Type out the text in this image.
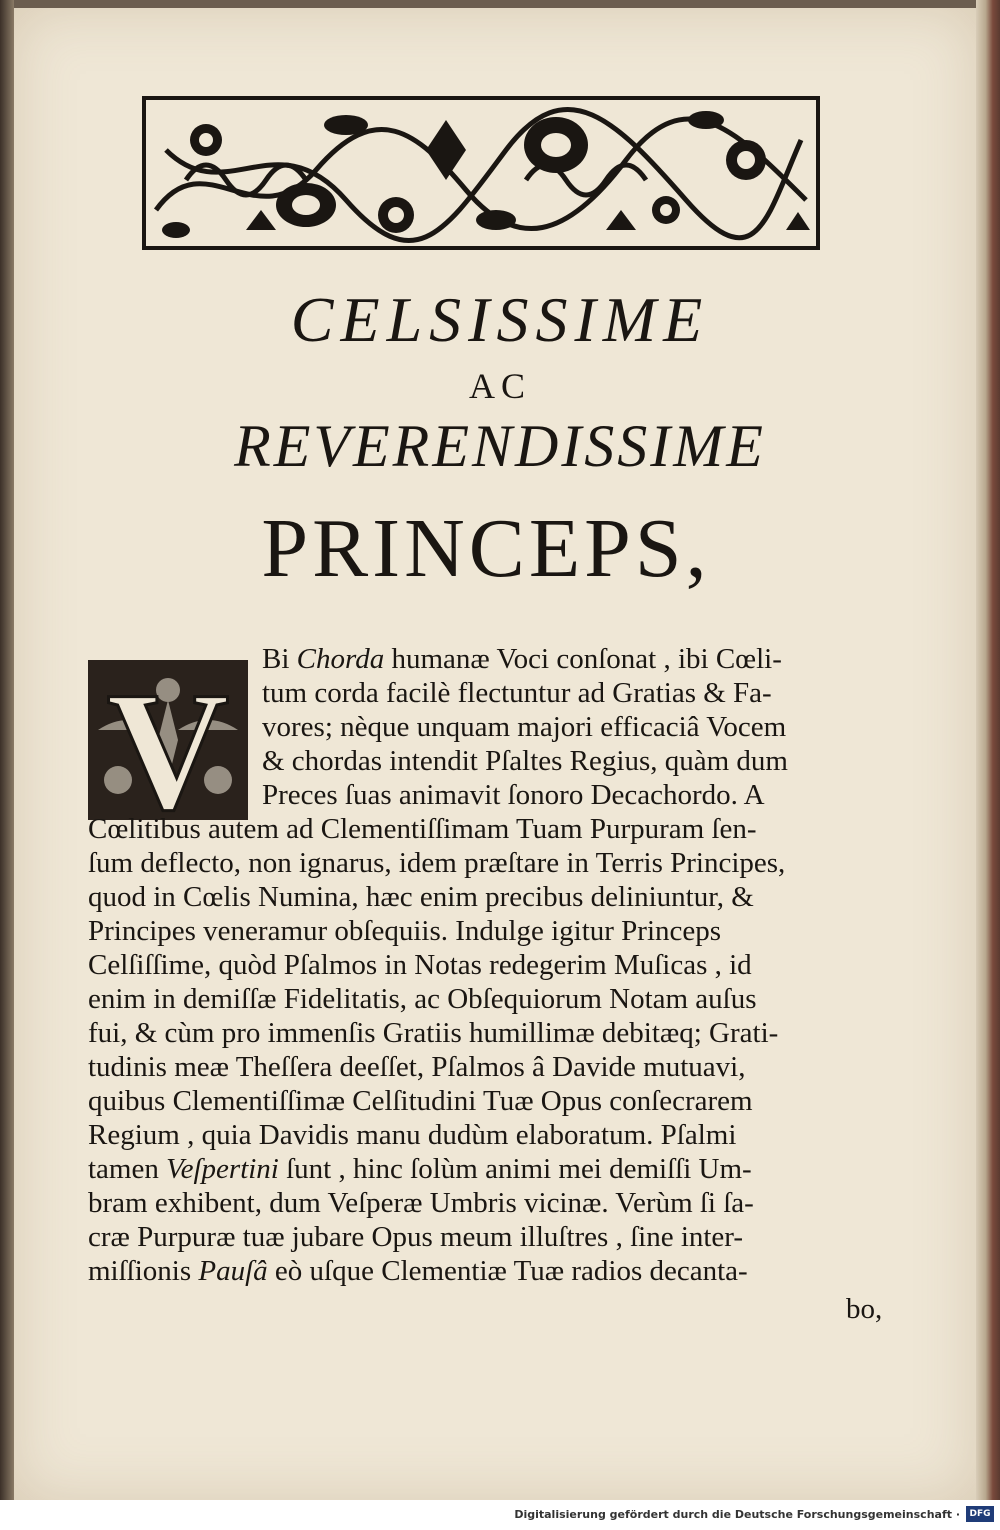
CELSISSIME
AC
REVERENDISSIME
PRINCEPS,
V Bi Chorda humanæ Voci conſonat , ibi Cœli-
tum corda facilè flectuntur ad Gratias & Fa-
vores; nèque unquam majori efficaciâ Vocem
& chordas intendit Pſaltes Regius, quàm dum
Preces ſuas animavit ſonoro Decachordo. A
Cœlitibus autem ad Clementiſſimam Tuam Purpuram ſen-
ſum deflecto, non ignarus, idem præſtare in Terris Principes,
quod in Cœlis Numina, hæc enim precibus deliniuntur, &
Principes veneramur obſequiis. Indulge igitur Princeps
Celſiſſime, quòd Pſalmos in Notas redegerim Muſicas , id
enim in demiſſæ Fidelitatis, ac Obſequiorum Notam auſus
fui, & cùm pro immenſis Gratiis humillimæ debitæq; Grati-
tudinis meæ Theſſera deeſſet, Pſalmos â Davide mutuavi,
quibus Clementiſſimæ Celſitudini Tuæ Opus conſecrarem
Regium , quia Davidis manu dudùm elaboratum. Pſalmi
tamen Veſpertini ſunt , hinc ſolùm animi mei demiſſi Um-
bram exhibent, dum Veſperæ Umbris vicinæ. Verùm ſi ſa-
cræ Purpuræ tuæ jubare Opus meum illuſtres , ſine inter-
miſſionis Pauſâ eò uſque Clementiæ Tuæ radios decanta-
bo,
Digitalisierung gefördert durch die Deutsche Forschungsgemeinschaft ·	DFG
